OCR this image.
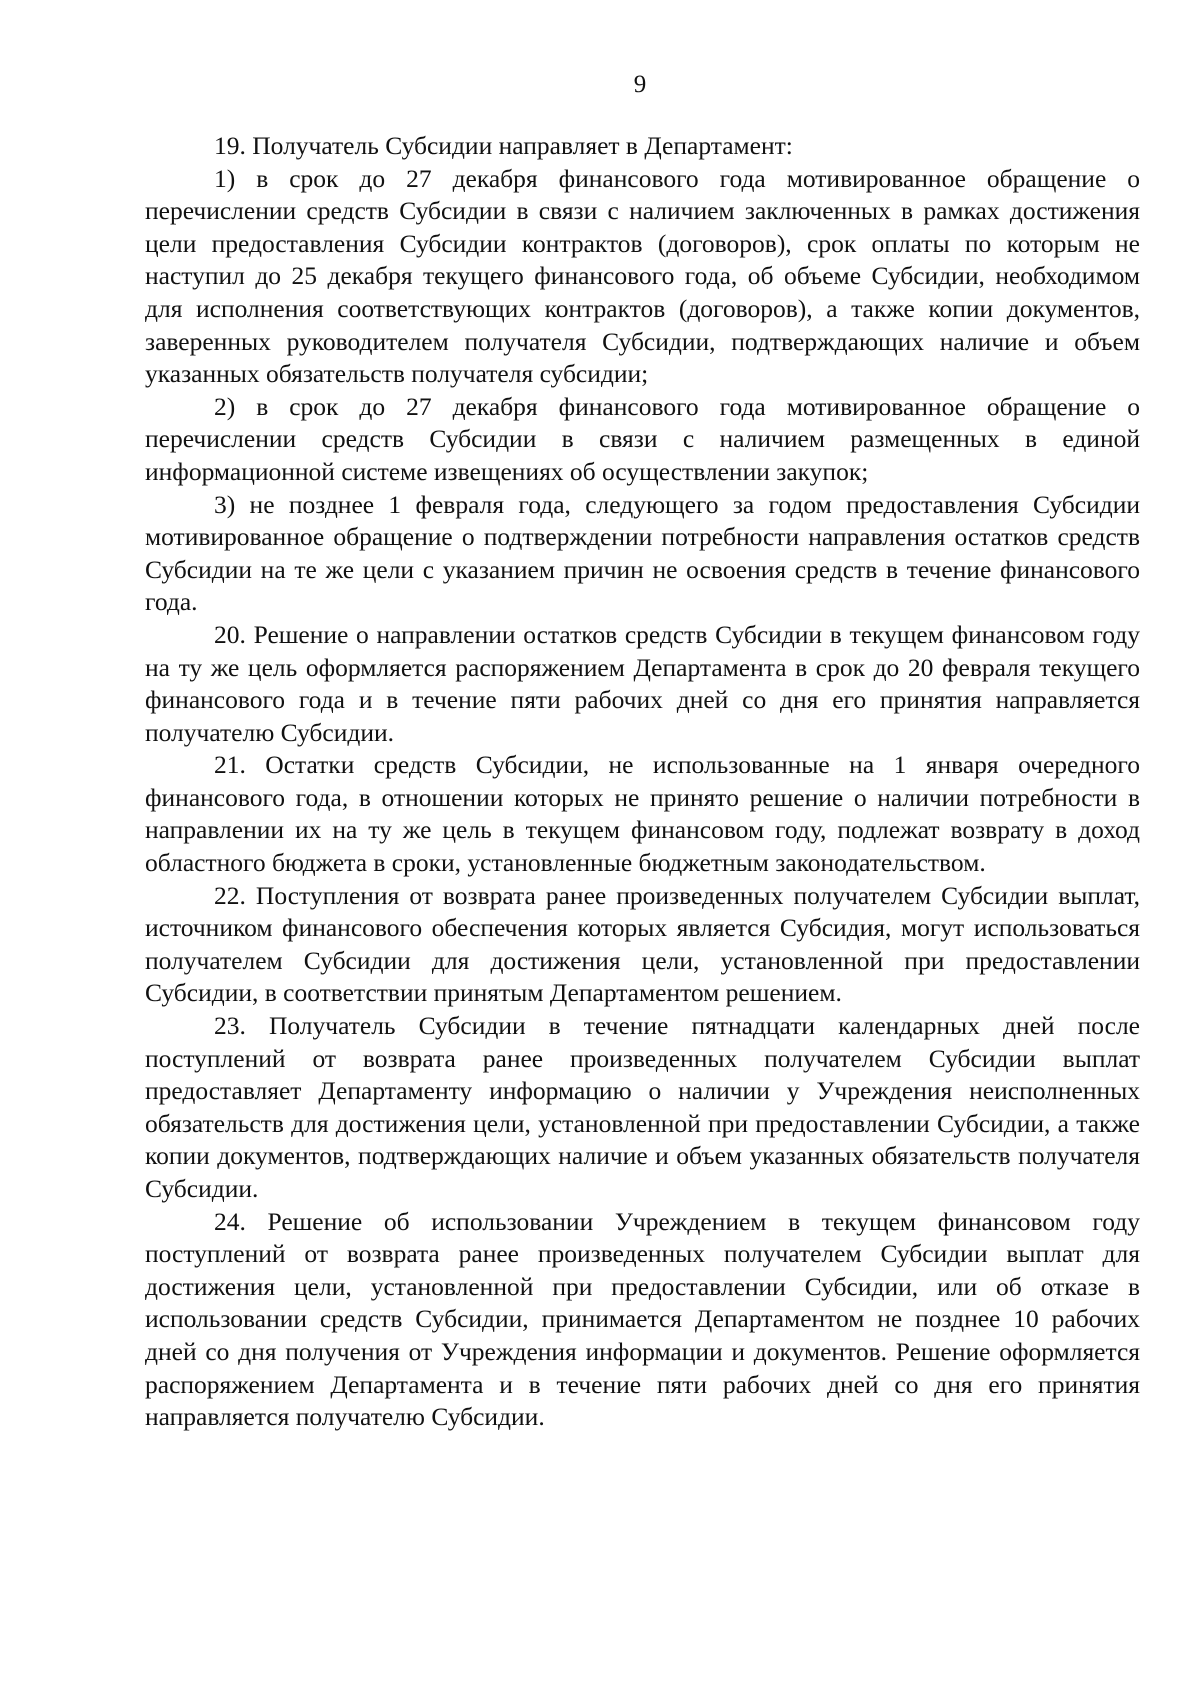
9

19. Получатель Субсидии направляет в Департамент:

1) в срок до 27 декабря финансового года мотивированное обращение о перечислении средств Субсидии в связи с наличием заключенных в рамках достижения цели предоставления Субсидии контрактов (договоров), срок оплаты по которым не наступил до 25 декабря текущего финансового года, об объеме Субсидии, необходимом для исполнения соответствующих контрактов (договоров), а также копии документов, заверенных руководителем получателя Субсидии, подтверждающих наличие и объем указанных обязательств получателя субсидии;

2) в срок до 27 декабря финансового года мотивированное обращение о перечислении средств Субсидии в связи с наличием размещенных в единой информационной системе извещениях об осуществлении закупок;

3) не позднее 1 февраля года, следующего за годом предоставления Субсидии мотивированное обращение о подтверждении потребности направления остатков средств Субсидии на те же цели с указанием причин не освоения средств в течение финансового года.

20. Решение о направлении остатков средств Субсидии в текущем финансовом году на ту же цель оформляется распоряжением Департамента в срок до 20 февраля текущего финансового года и в течение пяти рабочих дней со дня его принятия направляется получателю Субсидии.

21. Остатки средств Субсидии, не использованные на 1 января очередного финансового года, в отношении которых не принято решение о наличии потребности в направлении их на ту же цель в текущем финансовом году, подлежат возврату в доход областного бюджета в сроки, установленные бюджетным законодательством.

22. Поступления от возврата ранее произведенных получателем Субсидии выплат, источником финансового обеспечения которых является Субсидия, могут использоваться получателем Субсидии для достижения цели, установленной при предоставлении Субсидии, в соответствии принятым Департаментом решением.

23. Получатель Субсидии в течение пятнадцати календарных дней после поступлений от возврата ранее произведенных получателем Субсидии выплат предоставляет Департаменту информацию о наличии у Учреждения неисполненных обязательств для достижения цели, установленной при предоставлении Субсидии, а также копии документов, подтверждающих наличие и объем указанных обязательств получателя Субсидии.

24. Решение об использовании Учреждением в текущем финансовом году поступлений от возврата ранее произведенных получателем Субсидии выплат для достижения цели, установленной при предоставлении Субсидии, или об отказе в использовании средств Субсидии, принимается Департаментом не позднее 10 рабочих дней со дня получения от Учреждения информации и документов. Решение оформляется распоряжением Департамента и в течение пяти рабочих дней со дня его принятия направляется получателю Субсидии.
